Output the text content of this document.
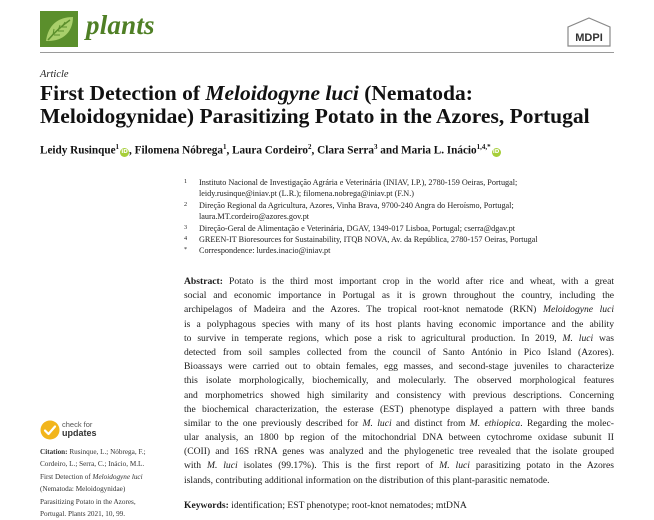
plants	MDPI
Article
First Detection of Meloidogyne luci (Nematoda:
Meloidogynidae) Parasitizing Potato in the Azores, Portugal
Leidy Rusinque$^1$iD, Filomena Nóbrega$^1$, Laura Cordeiro$^2$, Clara Serra$^3$ and Maria L. Inácio$^{1,4,*}$iD
1 Instituto Nacional de Investigação Agrária e Veterinária (INIAV, I.P.), 2780-159 Oeiras, Portugal;
leidy.rusinque@iniav.pt (L.R.); filomena.nobrega@iniav.pt (F.N.)
2 Direção Regional da Agricultura, Azores, Vinha Brava, 9700-240 Angra do Heroísmo, Portugal;
laura.MT.cordeiro@azores.gov.pt
3 Direção-Geral de Alimentação e Veterinária, DGAV, 1349-017 Lisboa, Portugal; cserra@dgav.pt
4 GREEN-IT Bioresources for Sustainability, ITQB NOVA, Av. da República, 2780-157 Oeiras, Portugal
* Correspondence: lurdes.inacio@iniav.pt
Abstract: Potato is the third most important crop in the world after rice and wheat, with a great
social and economic importance in Portugal as it is grown throughout the country, including the
archipelagos of Madeira and the Azores. The tropical root-knot nematode (RKN) Meloidogyne luci
is a polyphagous species with many of its host plants having economic importance and the ability
to survive in temperate regions, which pose a risk to agricultural production. In 2019, M. luci was
detected from soil samples collected from the council of Santo António in Pico Island (Azores).
Bioassays were carried out to obtain females, egg masses, and second-stage juveniles to characterize
this isolate morphologically, biochemically, and molecularly. The observed morphological features
and morphometrics showed high similarity and consistency with previous descriptions. Concerning
the biochemical characterization, the esterase (EST) phenotype displayed a pattern with three bands
similar to the one previously described for M. luci and distinct from M. ethiopica. Regarding the molec-
ular analysis, an 1800 bp region of the mitochondrial DNA between cytochrome oxidase subunit II
(COII) and 16S rRNA genes was analyzed and the phylogenetic tree revealed that the isolate grouped
with M. luci isolates (99.17%). This is the first report of M. luci parasitizing potato in the Azores
islands, contributing additional information on the distribution of this plant-parasitic nematode.
Keywords: identification; EST phenotype; root-knot nematodes; mtDNA
check for
updates
Citation: Rusinque, L.; Nóbrega, F.;
Cordeiro, L.; Serra, C.; Inácio, M.L.
First Detection of Meloidogyne luci
(Nematoda: Meloidogynidae)
Parasitizing Potato in the Azores,
Portugal. Plants 2021, 10, 99.
